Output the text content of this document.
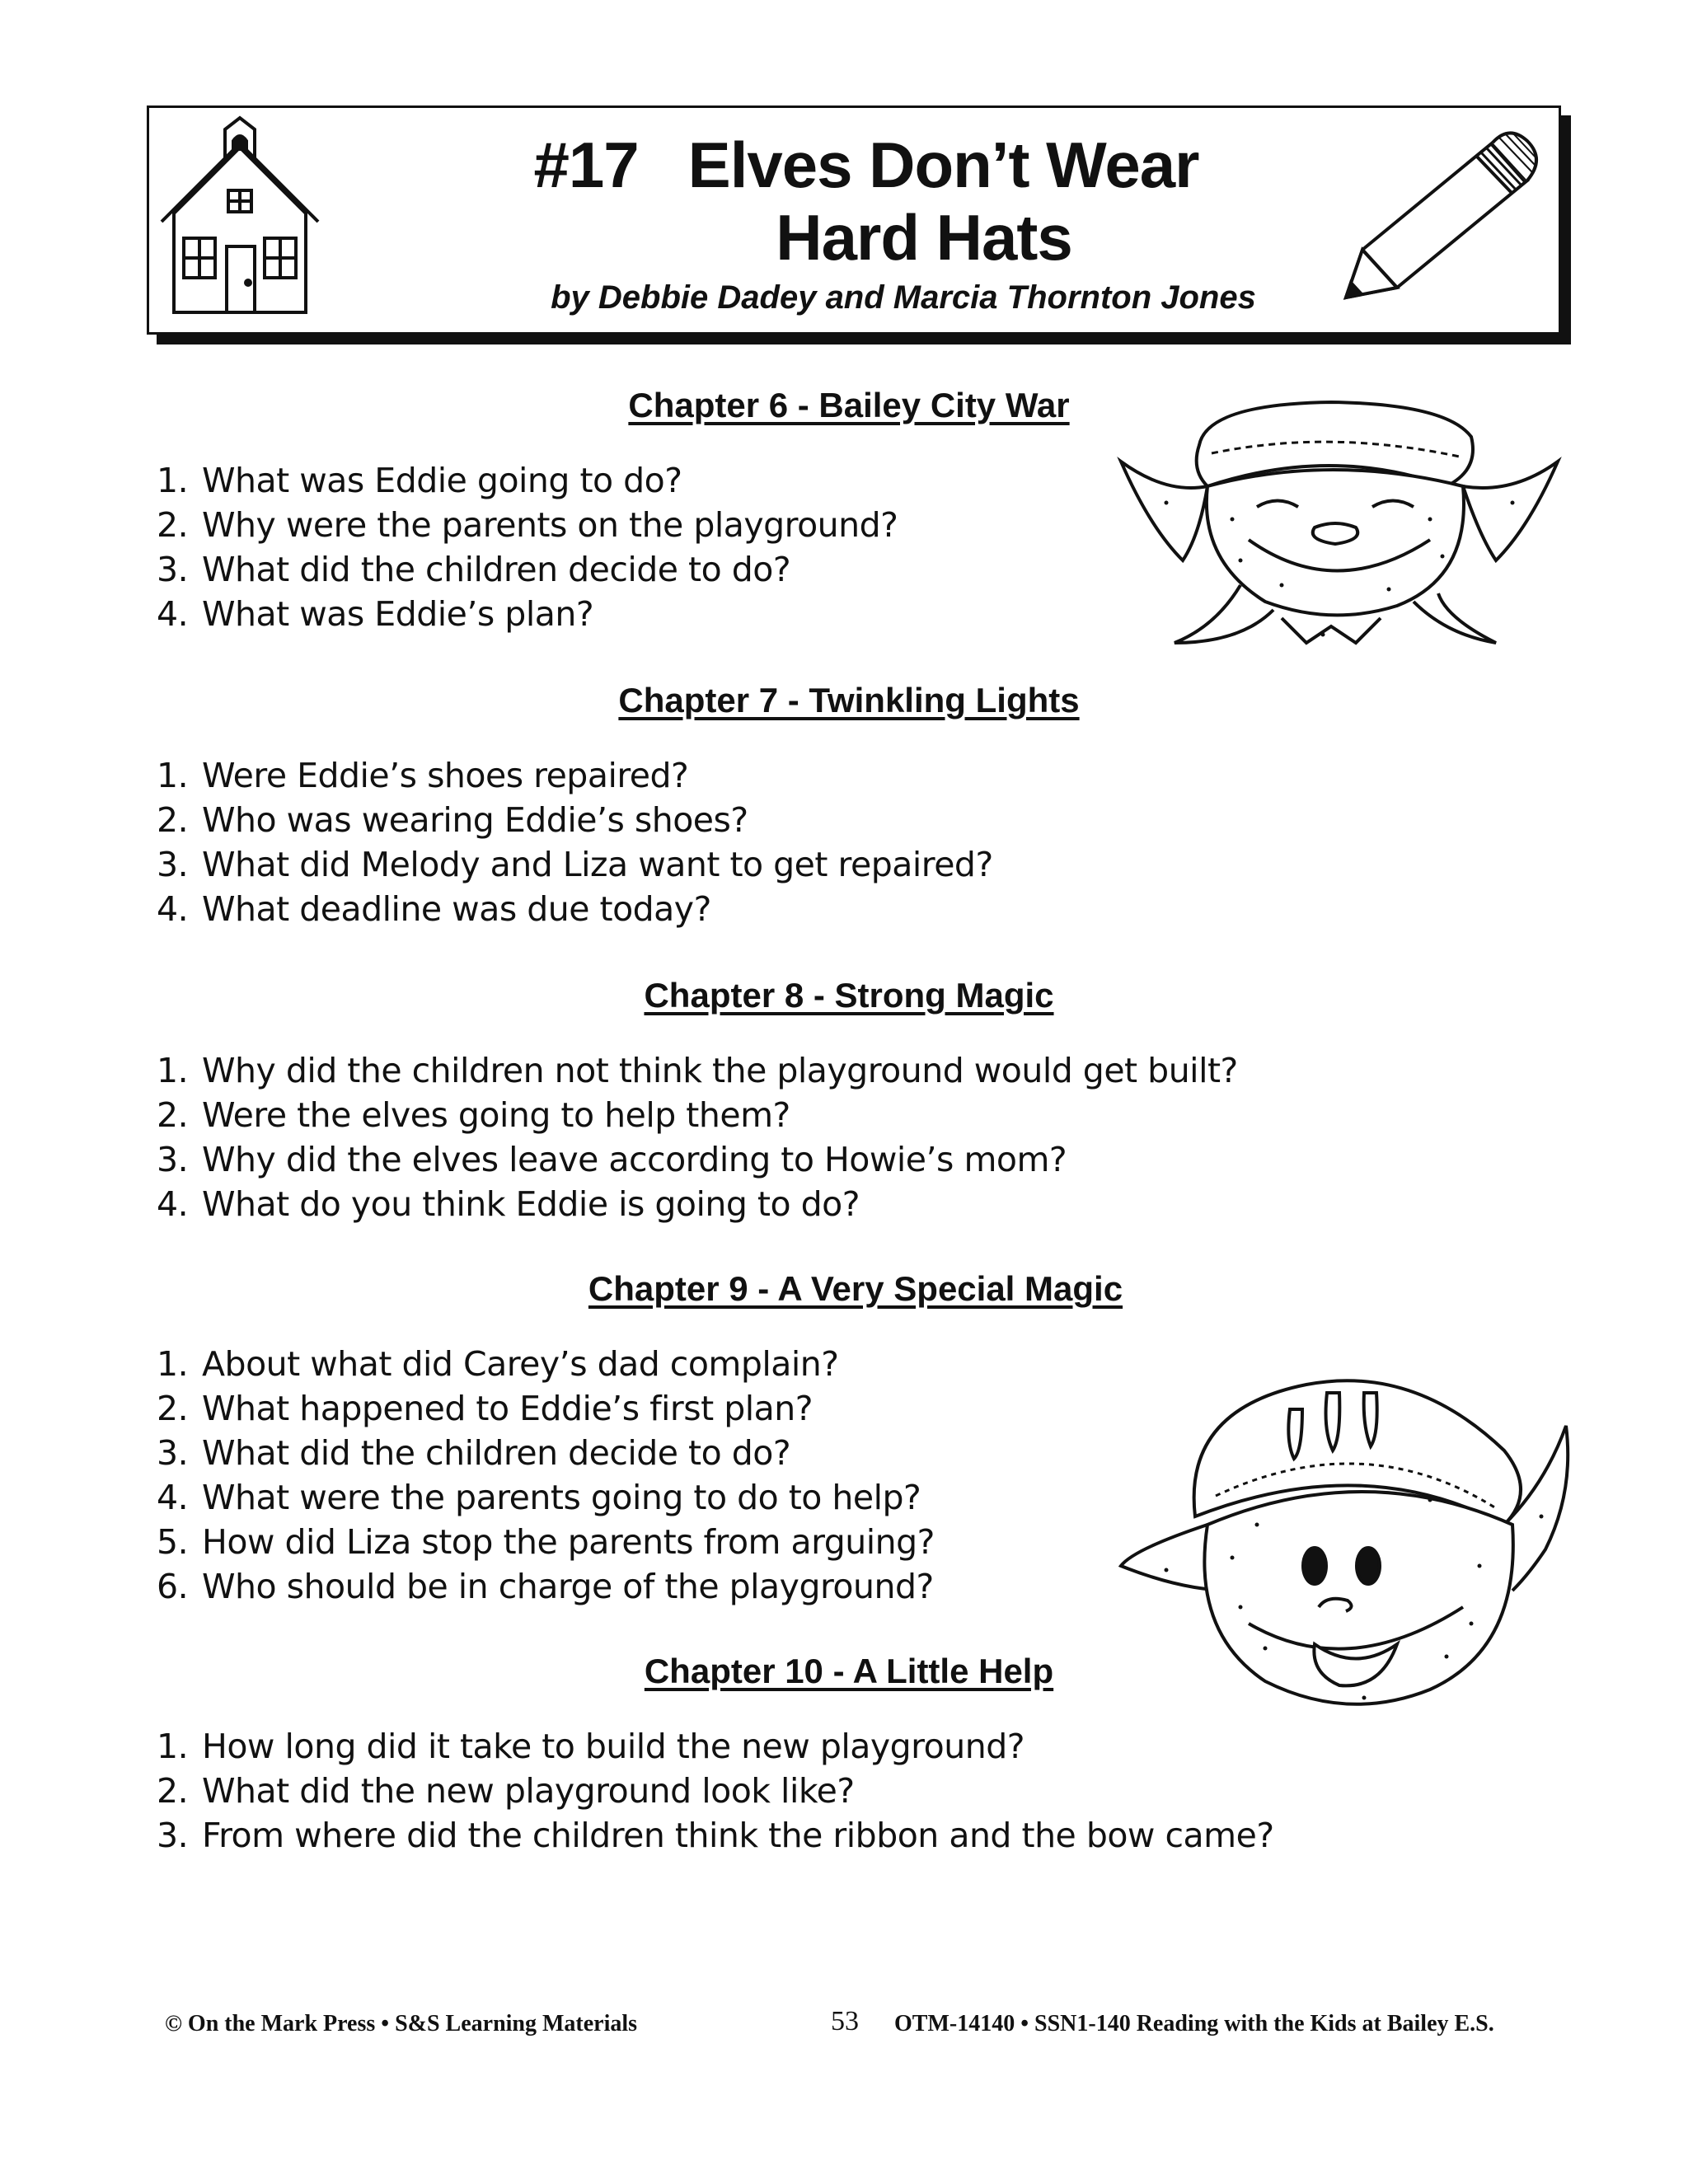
#17 Elves Don’t Wear
Hard Hats
by Debbie Dadey and Marcia Thornton Jones
Chapter 6 - Bailey City War
1. What was Eddie going to do?
2. Why were the parents on the playground?
3. What did the children decide to do?
4. What was Eddie’s plan?
Chapter 7 - Twinkling Lights
1. Were Eddie’s shoes repaired?
2. Who was wearing Eddie’s shoes?
3. What did Melody and Liza want to get repaired?
4. What deadline was due today?
Chapter 8 - Strong Magic
1. Why did the children not think the playground would get built?
2. Were the elves going to help them?
3. Why did the elves leave according to Howie’s mom?
4. What do you think Eddie is going to do?
Chapter 9 - A Very Special Magic
1. About what did Carey’s dad complain?
2. What happened to Eddie’s first plan?
3. What did the children decide to do?
4. What were the parents going to do to help?
5. How did Liza stop the parents from arguing?
6. Who should be in charge of the playground?
Chapter 10 - A Little Help
1. How long did it take to build the new playground?
2. What did the new playground look like?
3. From where did the children think the ribbon and the bow came?
© On the Mark Press • S&S Learning Materials	53 OTM-14140 • SSN1-140 Reading with the Kids at Bailey E.S.
